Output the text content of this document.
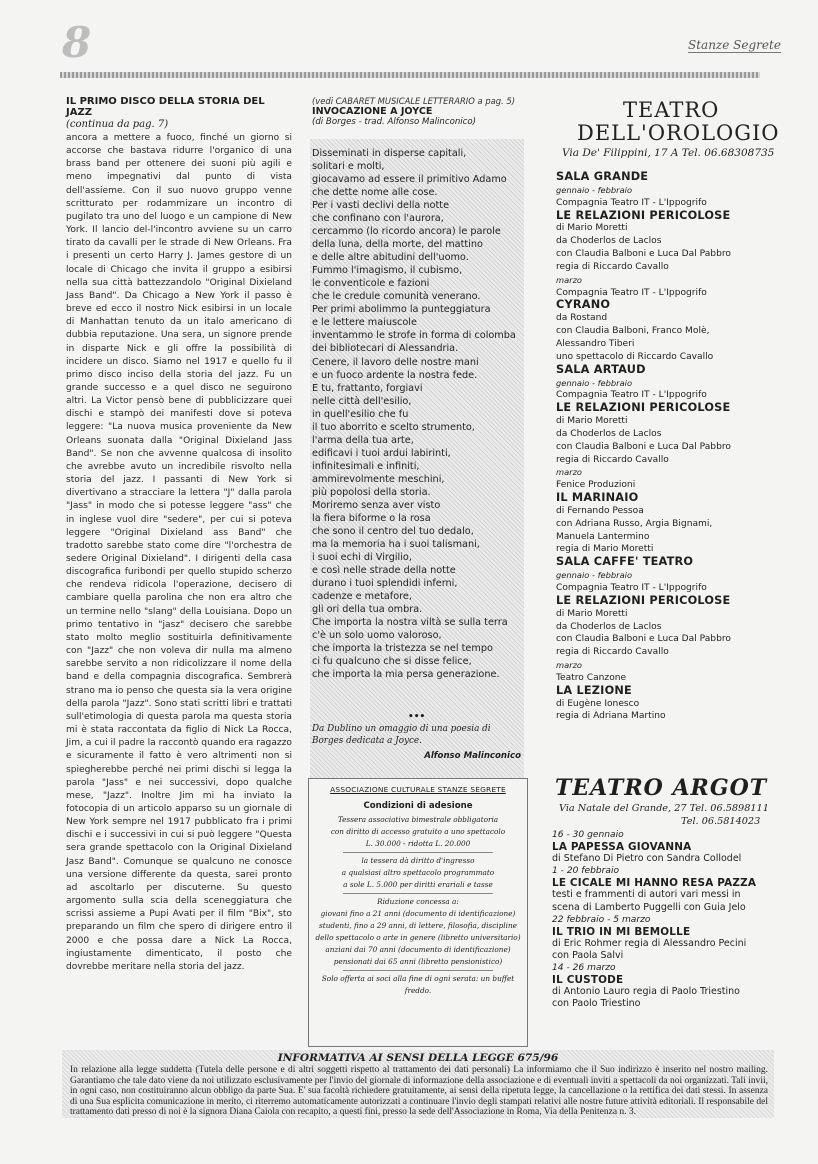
8	Stanze Segrete

IL PRIMO DISCO DELLA STORIA DEL JAZZ

(continua da pag. 7)

ancora a mettere a fuoco, finché un giorno si accorse che bastava ridurre l'organico di una brass band per ottenere dei suoni più agili e meno impegnativi dal punto di vista dell'assieme. Con il suo nuovo gruppo venne scritturato per rodammizare un incontro di pugilato tra uno del luogo e un campione di New York. Il lancio del-l'incontro avviene su un carro tirato da cavalli per le strade di New Orleans. Fra i presenti un certo Harry J. James gestore di un locale di Chicago che invita il gruppo a esibirsi nella sua città battezzandolo "Original Dixieland Jass Band". Da Chicago a New York il passo è breve ed ecco il nostro Nick esibirsi in un locale di Manhattan tenuto da un italo americano di dubbia reputazione. Una sera, un signore prende in disparte Nick e gli offre la possibilità di incidere un disco. Siamo nel 1917 e quello fu il primo disco inciso della storia del jazz. Fu un grande successo e a quel disco ne seguirono altri. La Victor pensò bene di pubblicizzare quei dischi e stampò dei manifesti dove si poteva leggere: "La nuova musica proveniente da New Orleans suonata dalla "Original Dixieland Jass Band". Se non che avvenne qualcosa di insolito che avrebbe avuto un incredibile risvolto nella storia del jazz. I passanti di New York si divertivano a stracciare la lettera "J" dalla parola "Jass" in modo che si potesse leggere "ass" che in inglese vuol dire "sedere", per cui si poteva leggere "Original Dixieland ass Band" che tradotto sarebbe stato come dire "l'orchestra de sedere Original Dixieland". I dirigenti della casa discografica furibondi per quello stupido scherzo che rendeva ridicola l'operazione, decisero di cambiare quella parolina che non era altro che un termine nello "slang" della Louisiana. Dopo un primo tentativo in "jasz" decisero che sarebbe stato molto meglio sostituirla definitivamente con "Jazz" che non voleva dir nulla ma almeno sarebbe servito a non ridicolizzare il nome della band e della compagnia discografica. Sembrerà strano ma io penso che questa sia la vera origine della parola "Jazz". Sono stati scritti libri e trattati sull'etimologia di questa parola ma questa storia mi è stata raccontata da figlio di Nick La Rocca, Jim, a cui il padre la raccontò quando era ragazzo e sicuramente il fatto è vero altrimenti non si spiegherebbe perché nei primi dischi si legga la parola "Jass" e nei successivi, dopo qualche mese, "Jazz". Inoltre Jim mi ha inviato la fotocopia di un articolo apparso su un giornale di New York sempre nel 1917 pubblicato fra i primi dischi e i successivi in cui si può leggere "Questa sera grande spettacolo con la Original Dixieland Jasz Band". Comunque se qualcuno ne conosce una versione differente da questa, sarei pronto ad ascoltarlo per discuterne. Su questo argomento sulla scia della sceneggiatura che scrissi assieme a Pupi Avati per il film "Bix", sto preparando un film che spero di dirigere entro il 2000 e che possa dare a Nick La Rocca, ingiustamente dimenticato, il posto che dovrebbe meritare nella storia del jazz.

(vedi CABARET MUSICALE LETTERARIO a pag. 5)
INVOCAZIONE A JOYCE
(di Borges - trad. Alfonso Malinconico)
Disseminati in disperse capitali,
solitari e molti,
giocavamo ad essere il primitivo Adamo
che dette nome alle cose.
Per i vasti declivi della notte
che confinano con l'aurora,
cercammo (lo ricordo ancora) le parole
della luna, della morte, del mattino
e delle altre abitudini dell'uomo.
Fummo l'imagismo, il cubismo,
le conventicole e fazioni
che le credule comunità venerano.
Per primi abolimmo la punteggiatura
e le lettere maiuscole
inventammo le strofe in forma di colomba
dei bibliotecari di Alessandria.
Cenere, il lavoro delle nostre mani
e un fuoco ardente la nostra fede.
E tu, frattanto, forgiavi
nelle città dell'esilio,
in quell'esilio che fu
il tuo aborrito e scelto strumento,
l'arma della tua arte,
edificavi i tuoi ardui labirinti,
infinitesimali e infiniti,
ammirevolmente meschini,
più popolosi della storia.
Moriremo senza aver visto
la fiera biforme o la rosa
che sono il centro del tuo dedalo,
ma la memoria ha i suoi talismani,
i suoi echi di Virgilio,
e così nelle strade della notte
durano i tuoi splendidi inferni,
cadenze e metafore,
gli ori della tua ombra.
Che importa la nostra viltà se sulla terra
c'è un solo uomo valoroso,
che importa la tristezza se nel tempo
ci fu qualcuno che si disse felice,
che importa la mia persa generazione.
•••
Da Dublino un omaggio di una poesia di Borges dedicata a Joyce.
Alfonso Malinconico
ASSOCIAZIONE CULTURALE STANZE SEGRETE
Condizioni di adesione
Tessera associativa bimestrale obbligatoria
con diritto di accesso gratuito a uno spettacolo
L. 30.000 - ridotta L. 20.000
la tessera dà diritto d'ingresso
a qualsiasi altro spettacolo programmato
a sole L. 5.000 per diritti erariali e tasse
Riduzione concessa a:
giovani fino a 21 anni (documento di identificazione)
studenti, fino a 29 anni, di lettere, filosofia, discipline
dello spettacolo o arte in genere (libretto universitario)
anziani dai 70 anni (documento di identificazione)
pensionati dai 65 anni (libretto pensionistico)
Solo offerta ai soci alla fine di ogni serata: un buffet freddo.
TEATRO
DELL'OROLOGIO
Via De' Filippini, 17 A Tel. 06.68308735
SALA GRANDE
gennaio - febbraio
Compagnia Teatro IT - L'Ippogrifo
LE RELAZIONI PERICOLOSE
di Mario Moretti
da Choderlos de Laclos
con Claudia Balboni e Luca Dal Pabbro
regia di Riccardo Cavallo
marzo
Compagnia Teatro IT - L'Ippogrifo
CYRANO
da Rostand
con Claudia Balboni, Franco Molè,
Alessandro Tiberi
uno spettacolo di Riccardo Cavallo
SALA ARTAUD
gennaio - febbraio
Compagnia Teatro IT - L'Ippogrifo
LE RELAZIONI PERICOLOSE
di Mario Moretti
da Choderlos de Laclos
con Claudia Balboni e Luca Dal Pabbro
regia di Riccardo Cavallo
marzo
Fenice Produzioni
IL MARINAIO
di Fernando Pessoa
con Adriana Russo, Argia Bignami,
Manuela Lantermino
regia di Mario Moretti
SALA CAFFE' TEATRO
gennaio - febbraio
Compagnia Teatro IT - L'Ippogrifo
LE RELAZIONI PERICOLOSE
di Mario Moretti
da Choderlos de Laclos
con Claudia Balboni e Luca Dal Pabbro
regia di Riccardo Cavallo
marzo
Teatro Canzone
LA LEZIONE
di Eugène Ionesco
regia di Adriana Martino
TEATRO ARGOT
Via Natale del Grande, 27 Tel. 06.5898111
Tel. 06.5814023
16 - 30 gennaio
LA PAPESSA GIOVANNA
di Stefano Di Pietro con Sandra Collodel
1 - 20 febbraio
LE CICALE MI HANNO RESA PAZZA
testi e frammenti di autori vari messi in
scena di Lamberto Puggelli con Guia Jelo
22 febbraio - 5 marzo
IL TRIO IN MI BEMOLLE
di Eric Rohmer regia di Alessandro Pecini
con Paola Salvi
14 - 26 marzo
IL CUSTODE
di Antonio Lauro regia di Paolo Triestino
con Paolo Triestino
INFORMATIVA AI SENSI DELLA LEGGE 675/96
In relazione alla legge suddetta (Tutela delle persone e di altri soggetti rispetto al trattamento dei dati personali) La informiamo che il Suo indirizzo è inserito nel nostro mailing. Garantiamo che tale dato viene da noi utilizzato esclusivamente per l'invio del giornale di informazione della associazione e di eventuali inviti a spettacoli da noi organizzati. Tali invii, in ogni caso, non costituiranno alcun obbligo da parte Sua. E' sua facoltà richiedere gratuitamente, ai sensi della ripetuta legge, la cancellazione o la rettifica dei dati stessi. In assenza di una Sua esplicita comunicazione in merito, ci riterremo automaticamente autorizzati a continuare l'invio degli stampati relativi alle nostre future attività editoriali. Il responsabile del trattamento dati presso di noi è la signora Diana Caiola con recapito, a questi fini, presso la sede dell'Associazione in Roma, Via della Penitenza n. 3.
